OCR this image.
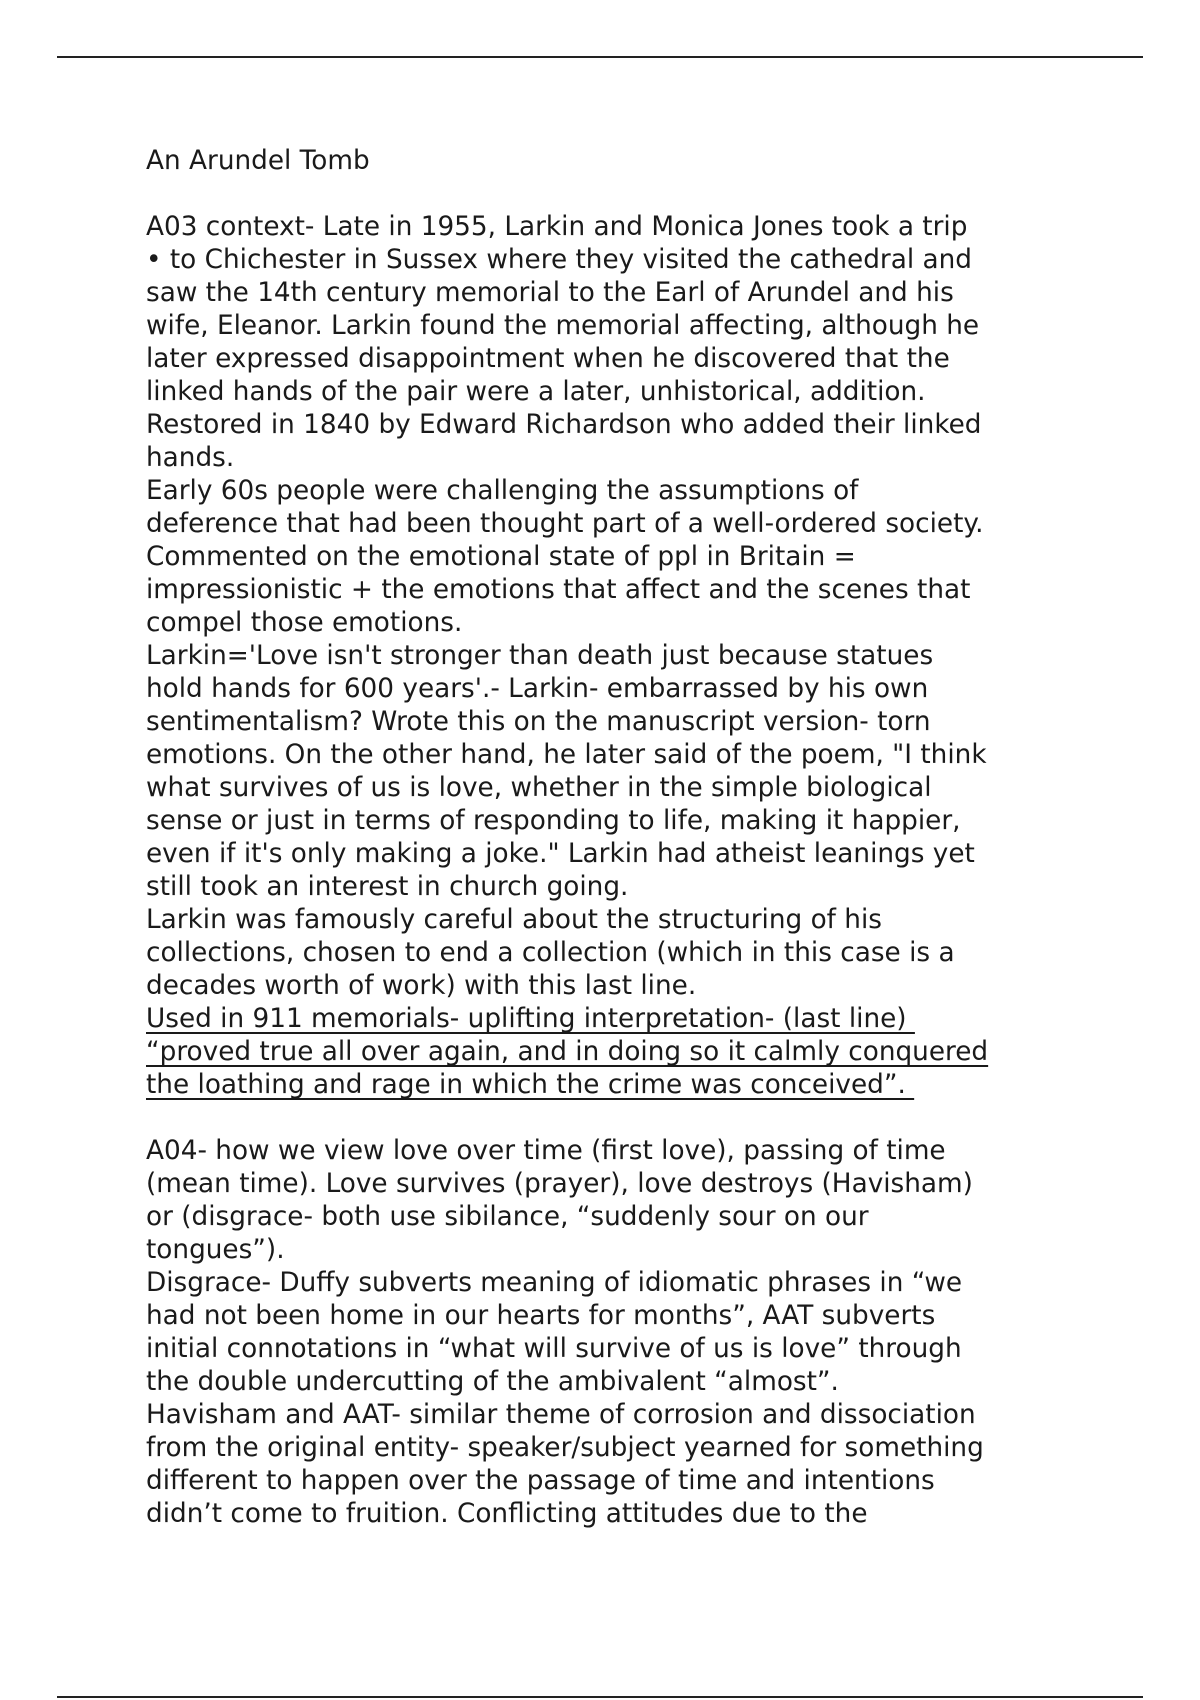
An Arundel Tomb
A03 context- Late in 1955, Larkin and Monica Jones took a trip
• to Chichester in Sussex where they visited the cathedral and
saw the 14th century memorial to the Earl of Arundel and his
wife, Eleanor. Larkin found the memorial affecting, although he
later expressed disappointment when he discovered that the
linked hands of the pair were a later, unhistorical, addition.
Restored in 1840 by Edward Richardson who added their linked
hands.
Early 60s people were challenging the assumptions of
deference that had been thought part of a well-ordered society.
Commented on the emotional state of ppl in Britain =
impressionistic + the emotions that affect and the scenes that
compel those emotions.
Larkin='Love isn't stronger than death just because statues
hold hands for 600 years'.- Larkin- embarrassed by his own
sentimentalism? Wrote this on the manuscript version- torn
emotions. On the other hand, he later said of the poem, "I think
what survives of us is love, whether in the simple biological
sense or just in terms of responding to life, making it happier,
even if it's only making a joke." Larkin had atheist leanings yet
still took an interest in church going.
Larkin was famously careful about the structuring of his
collections, chosen to end a collection (which in this case is a
decades worth of work) with this last line.
Used in 911 memorials- uplifting interpretation- (last line)
“proved true all over again, and in doing so it calmly conquered
the loathing and rage in which the crime was conceived”.
A04- how we view love over time (first love), passing of time
(mean time). Love survives (prayer), love destroys (Havisham)
or (disgrace- both use sibilance, “suddenly sour on our
tongues”).
Disgrace- Duffy subverts meaning of idiomatic phrases in “we
had not been home in our hearts for months”, AAT subverts
initial connotations in “what will survive of us is love” through
the double undercutting of the ambivalent “almost”.
Havisham and AAT- similar theme of corrosion and dissociation
from the original entity- speaker/subject yearned for something
different to happen over the passage of time and intentions
didn’t come to fruition. Conflicting attitudes due to the
